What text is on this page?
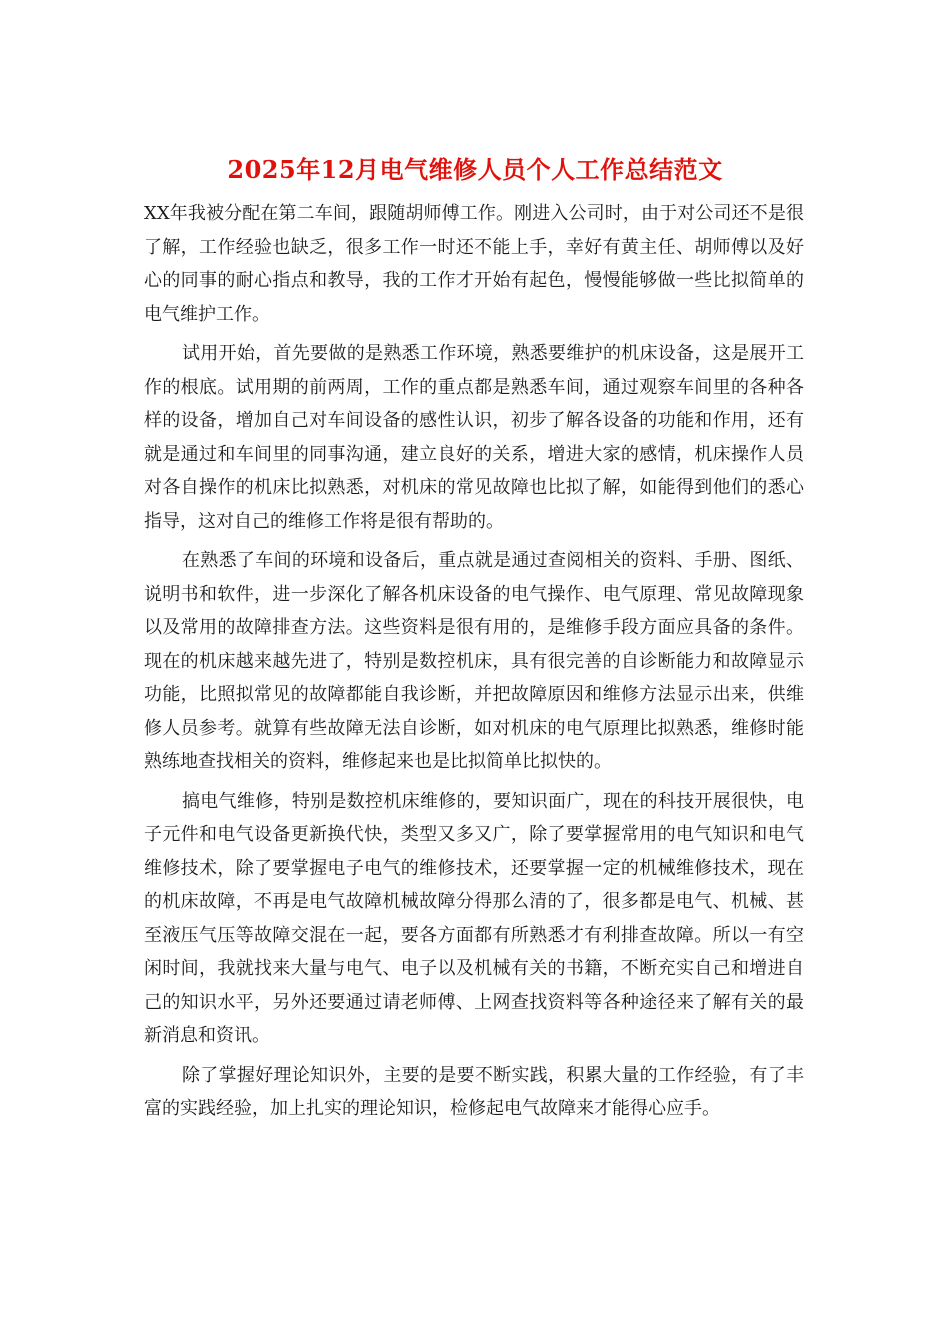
2025年12月电气维修人员个人工作总结范文

XX年我被分配在第二车间，跟随胡师傅工作。刚进入公司时，由于对公司还不是很了解，工作经验也缺乏，很多工作一时还不能上手，幸好有黄主任、胡师傅以及好心的同事的耐心指点和教导，我的工作才开始有起色，慢慢能够做一些比拟简单的电气维护工作。

试用开始，首先要做的是熟悉工作环境，熟悉要维护的机床设备，这是展开工作的根底。试用期的前两周，工作的重点都是熟悉车间，通过观察车间里的各种各样的设备，增加自己对车间设备的感性认识，初步了解各设备的功能和作用，还有就是通过和车间里的同事沟通，建立良好的关系，增进大家的感情，机床操作人员对各自操作的机床比拟熟悉，对机床的常见故障也比拟了解，如能得到他们的悉心指导，这对自己的维修工作将是很有帮助的。

在熟悉了车间的环境和设备后，重点就是通过查阅相关的资料、手册、图纸、说明书和软件，进一步深化了解各机床设备的电气操作、电气原理、常见故障现象以及常用的故障排查方法。这些资料是很有用的，是维修手段方面应具备的条件。现在的机床越来越先进了，特别是数控机床，具有很完善的自诊断能力和故障显示功能，比照拟常见的故障都能自我诊断，并把故障原因和维修方法显示出来，供维修人员参考。就算有些故障无法自诊断，如对机床的电气原理比拟熟悉，维修时能熟练地查找相关的资料，维修起来也是比拟简单比拟快的。

搞电气维修，特别是数控机床维修的，要知识面广，现在的科技开展很快，电子元件和电气设备更新换代快，类型又多又广，除了要掌握常用的电气知识和电气维修技术，除了要掌握电子电气的维修技术，还要掌握一定的机械维修技术，现在的机床故障，不再是电气故障机械故障分得那么清的了，很多都是电气、机械、甚至液压气压等故障交混在一起，要各方面都有所熟悉才有利排查故障。所以一有空闲时间，我就找来大量与电气、电子以及机械有关的书籍，不断充实自己和增进自己的知识水平，另外还要通过请老师傅、上网查找资料等各种途径来了解有关的最新消息和资讯。

除了掌握好理论知识外，主要的是要不断实践，积累大量的工作经验，有了丰富的实践经验，加上扎实的理论知识，检修起电气故障来才能得心应手。
